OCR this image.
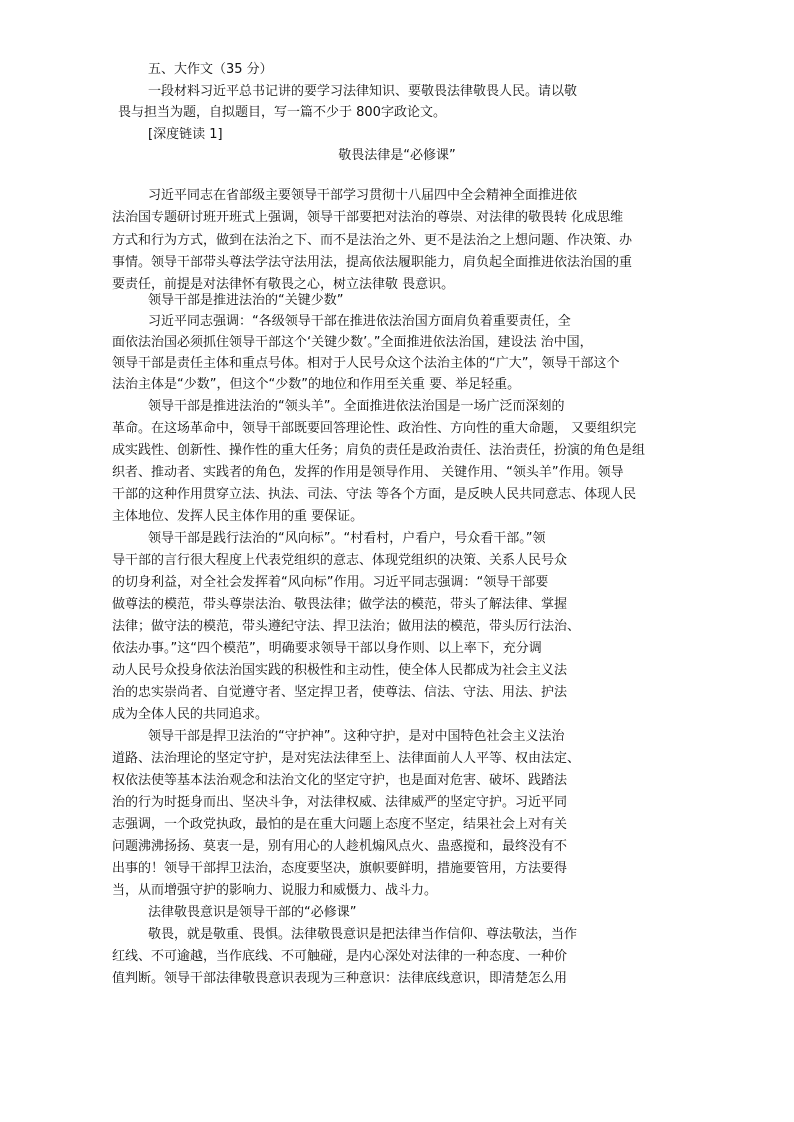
五、大作文（35 分）
一段材料习近平总书记讲的要学习法律知识、要敬畏法律敬畏人民。请以敬
畏与担当为题，自拟题目，写一篇不少于 800字政论文。
[深度链读 1]
敬畏法律是“必修课”
习近平同志在省部级主要领导干部学习贯彻十八届四中全会精神全面推进依
法治国专题研讨班开班式上强调，领导干部要把对法治的尊崇、对法律的敬畏转 化成思维
方式和行为方式，做到在法治之下、而不是法治之外、更不是法治之上想问题、作决策、办
事情。领导干部带头尊法学法守法用法，提高依法履职能力，肩负起全面推进依法治国的重
要责任，前提是对法律怀有敬畏之心，树立法律敬 畏意识。
领导干部是推进法治的“关键少数”
习近平同志强调：“各级领导干部在推进依法治国方面肩负着重要责任，全
面依法治国必须抓住领导干部这个‘关键少数’。”全面推进依法治国，建设法 治中国，
领导干部是责任主体和重点号体。相对于人民号众这个法治主体的“广大”，领导干部这个
法治主体是“少数”，但这个“少数”的地位和作用至关重 要、举足轻重。
领导干部是推进法治的“领头羊”。全面推进依法治国是一场广泛而深刻的
革命。在这场革命中，领导干部既要回答理论性、政治性、方向性的重大命题， 又要组织完
成实践性、创新性、操作性的重大任务；肩负的责任是政治责任、法治责任，扮演的角色是组
织者、推动者、实践者的角色，发挥的作用是领导作用、 关键作用、“领头羊”作用。领导
干部的这种作用贯穿立法、执法、司法、守法 等各个方面，是反映人民共同意志、体现人民
主体地位、发挥人民主体作用的重 要保证。
领导干部是践行法治的“风向标”。“村看村，户看户，号众看干部。”领
导干部的言行很大程度上代表党组织的意志、体现党组织的决策、关系人民号众
的切身利益，对全社会发挥着“风向标”作用。习近平同志强调：“领导干部要
做尊法的模范，带头尊崇法治、敬畏法律；做学法的模范，带头了解法律、掌握
法律；做守法的模范，带头遵纪守法、捍卫法治；做用法的模范，带头厉行法治、
依法办事。”这“四个模范”，明确要求领导干部以身作则、以上率下，充分调
动人民号众投身依法治国实践的积极性和主动性，使全体人民都成为社会主义法
治的忠实崇尚者、自觉遵守者、坚定捍卫者，使尊法、信法、守法、用法、护法
成为全体人民的共同追求。
领导干部是捍卫法治的“守护神”。这种守护，是对中国特色社会主义法治
道路、法治理论的坚定守护，是对宪法法律至上、法律面前人人平等、权由法定、
权依法使等基本法治观念和法治文化的坚定守护，也是面对危害、破坏、践踏法
治的行为时挺身而出、坚决斗争，对法律权威、法律威严的坚定守护。习近平同
志强调，一个政党执政，最怕的是在重大问题上态度不坚定，结果社会上对有关
问题沸沸扬扬、莫衷一是，别有用心的人趁机煽风点火、蛊惑搅和，最终没有不
出事的！领导干部捍卫法治，态度要坚决，旗帜要鲜明，措施要管用，方法要得
当，从而增强守护的影响力、说服力和威慑力、战斗力。
法律敬畏意识是领导干部的“必修课”
敬畏，就是敬重、畏惧。法律敬畏意识是把法律当作信仰、尊法敬法，当作
红线、不可逾越，当作底线、不可触碰，是内心深处对法律的一种态度、一种价
值判断。领导干部法律敬畏意识表现为三种意识：法律底线意识，即清楚怎么用
